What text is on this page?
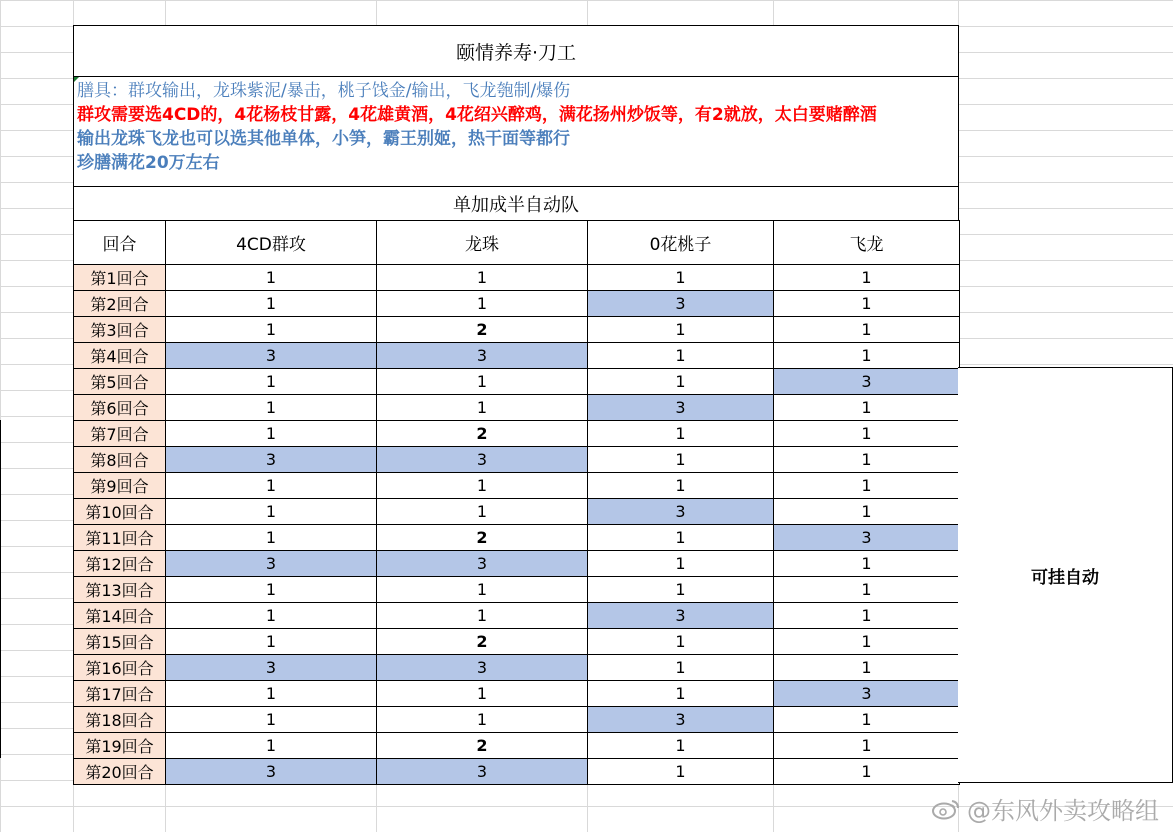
颐情养寿·刀工
膳具：群攻输出，龙珠紫泥/暴击，桃子饯金/输出，飞龙匏制/爆伤
群攻需要选4CD的，4花杨枝甘露，4花雄黄酒，4花绍兴醉鸡，满花扬州炒饭等，有2就放，太白要赌醉酒
输出龙珠飞龙也可以选其他单体，小笋，霸王别姬，热干面等都行
珍膳满花20万左右
单加成半自动队
回合	4CD群攻	龙珠	0花桃子	飞龙
第1回合	1	1	1	1
第2回合	1	1	3	1
第3回合	1	2	1	1
第4回合	3	3	1	1
第5回合	1	1	1	3
第6回合	1	1	3	1
第7回合	1	2	1	1
第8回合	3	3	1	1
第9回合	1	1	1	1
第10回合	1	1	3	1
第11回合	1	2	1	3
第12回合	3	3	1	1
第13回合	1	1	1	1
第14回合	1	1	3	1
第15回合	1	2	1	1
第16回合	3	3	1	1
第17回合	1	1	1	3
第18回合	1	1	3	1
第19回合	1	2	1	1
第20回合	3	3	1	1
可挂自动
@东风外卖攻略组
